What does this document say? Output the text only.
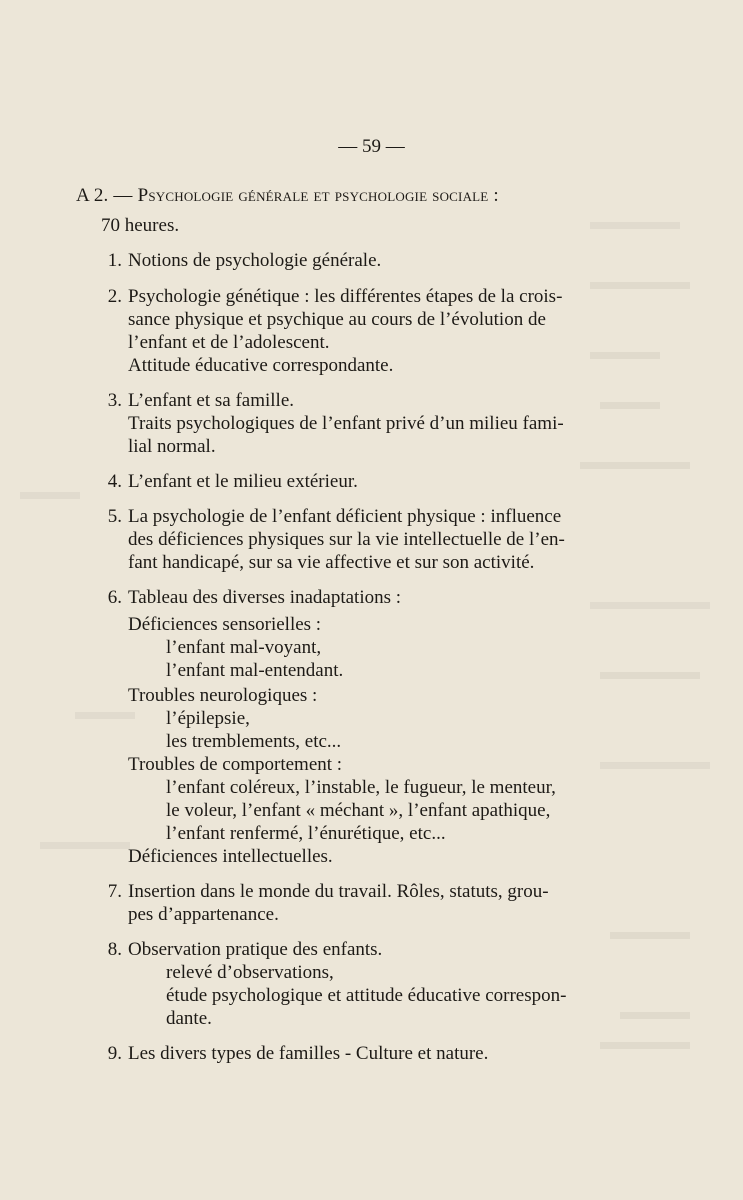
— 59 —
A 2. — Psychologie générale et psychologie sociale :
70 heures.
1. Notions de psychologie générale.
2. Psychologie génétique : les différentes étapes de la crois-
sance physique et psychique au cours de l’évolution de
l’enfant et de l’adolescent.
Attitude éducative correspondante.
3. L’enfant et sa famille.
Traits psychologiques de l’enfant privé d’un milieu fami-
lial normal.
4. L’enfant et le milieu extérieur.
5. La psychologie de l’enfant déficient physique : influence
des déficiences physiques sur la vie intellectuelle de l’en-
fant handicapé, sur sa vie affective et sur son activité.
6. Tableau des diverses inadaptations :
Déficiences sensorielles :
l’enfant mal-voyant,
l’enfant mal-entendant.
Troubles neurologiques :
l’épilepsie,
les tremblements, etc...
Troubles de comportement :
l’enfant coléreux, l’instable, le fugueur, le menteur,
le voleur, l’enfant « méchant », l’enfant apathique,
l’enfant renfermé, l’énurétique, etc...
Déficiences intellectuelles.
7. Insertion dans le monde du travail. Rôles, statuts, grou-
pes d’appartenance.
8. Observation pratique des enfants.
relevé d’observations,
étude psychologique et attitude éducative correspon-
dante.
9. Les divers types de familles - Culture et nature.
